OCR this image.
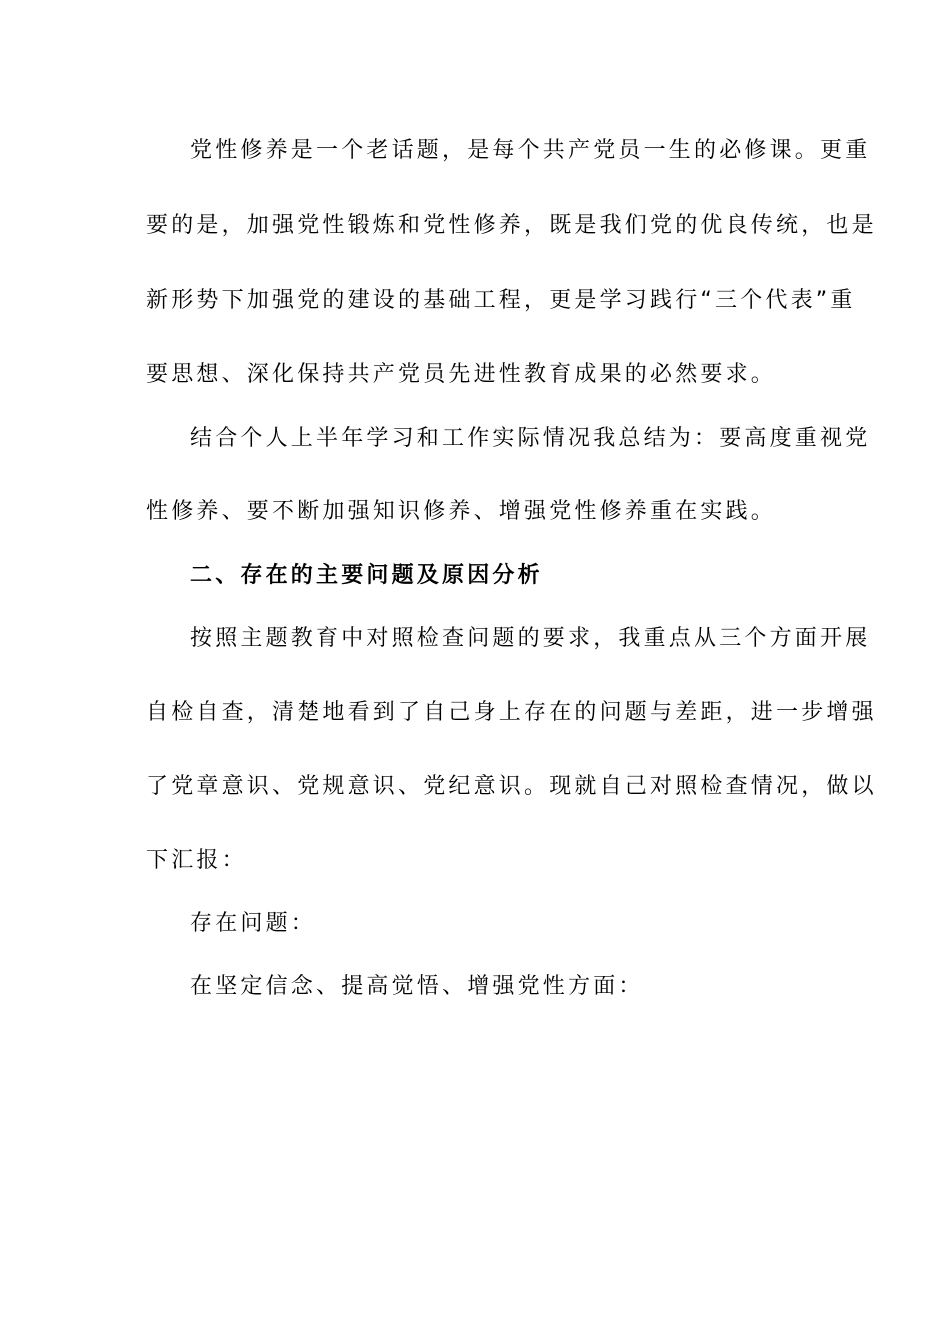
党性修养是一个老话题，是每个共产党员一生的必修课。更重
要的是，加强党性锻炼和党性修养，既是我们党的优良传统，也是
新形势下加强党的建设的基础工程，更是学习践行“三个代表”重
要思想、深化保持共产党员先进性教育成果的必然要求。
结合个人上半年学习和工作实际情况我总结为：要高度重视党
性修养、要不断加强知识修养、增强党性修养重在实践。
二、存在的主要问题及原因分析
按照主题教育中对照检查问题的要求，我重点从三个方面开展
自检自查，清楚地看到了自己身上存在的问题与差距，进一步增强
了党章意识、党规意识、党纪意识。现就自己对照检查情况，做以
下汇报：
存在问题：
在坚定信念、提高觉悟、增强党性方面：
